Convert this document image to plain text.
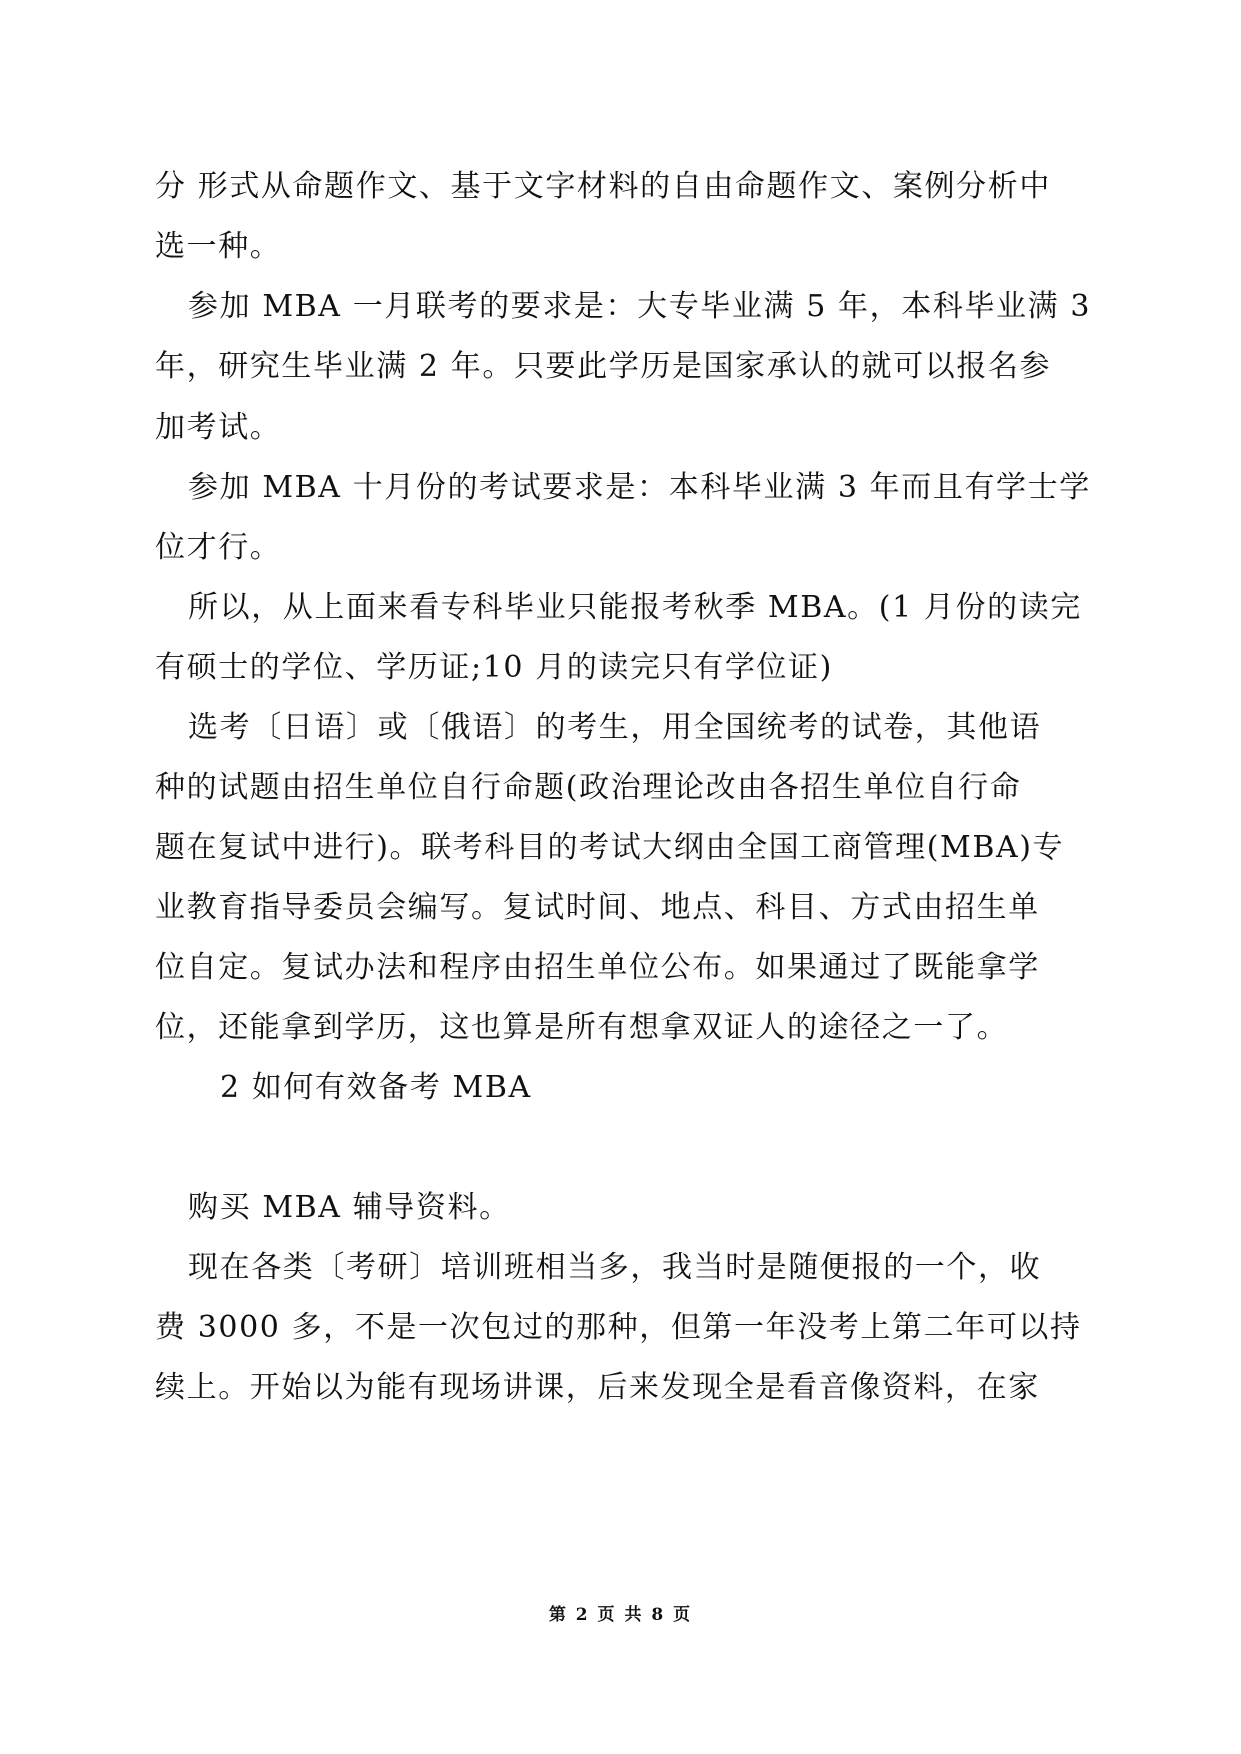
分 形式从命题作文、基于文字材料的自由命题作文、案例分析中
选一种。
参加 MBA 一月联考的要求是：大专毕业满 5 年，本科毕业满 3
年，研究生毕业满 2 年。只要此学历是国家承认的就可以报名参
加考试。
参加 MBA 十月份的考试要求是：本科毕业满 3 年而且有学士学
位才行。
所以，从上面来看专科毕业只能报考秋季 MBA。(1 月份的读完
有硕士的学位、学历证;10 月的读完只有学位证)
选考〔日语〕或〔俄语〕的考生，用全国统考的试卷，其他语
种的试题由招生单位自行命题(政治理论改由各招生单位自行命
题在复试中进行)。联考科目的考试大纲由全国工商管理(MBA)专
业教育指导委员会编写。复试时间、地点、科目、方式由招生单
位自定。复试办法和程序由招生单位公布。如果通过了既能拿学
位，还能拿到学历，这也算是所有想拿双证人的途径之一了。
2 如何有效备考 MBA
购买 MBA 辅导资料。
现在各类〔考研〕培训班相当多，我当时是随便报的一个，收
费 3000 多，不是一次包过的那种，但第一年没考上第二年可以持
续上。开始以为能有现场讲课，后来发现全是看音像资料，在家
第 2 页 共 8 页
